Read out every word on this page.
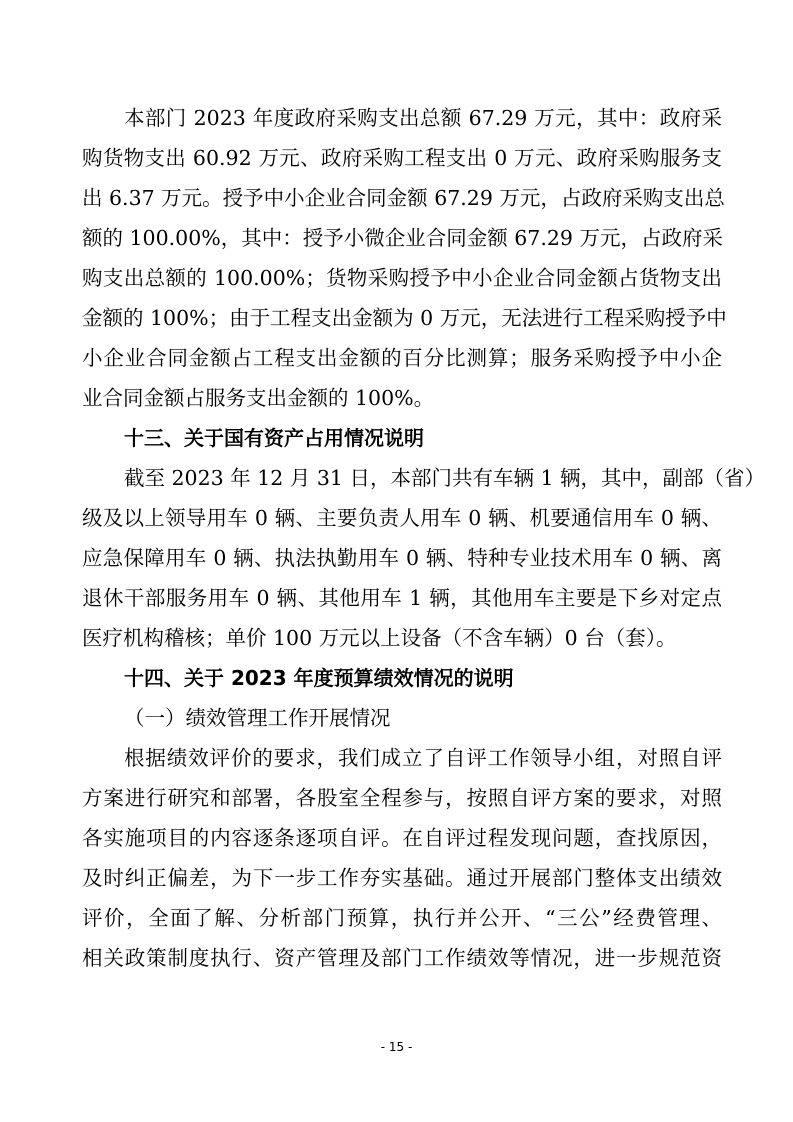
本部门 2023 年度政府采购支出总额 67.29 万元，其中：政府采
购货物支出 60.92 万元、政府采购工程支出 0 万元、政府采购服务支
出 6.37 万元。授予中小企业合同金额 67.29 万元，占政府采购支出总
额的 100.00%，其中：授予小微企业合同金额 67.29 万元，占政府采
购支出总额的 100.00%；货物采购授予中小企业合同金额占货物支出
金额的 100%；由于工程支出金额为 0 万元，无法进行工程采购授予中
小企业合同金额占工程支出金额的百分比测算；服务采购授予中小企
业合同金额占服务支出金额的 100%。
十三、关于国有资产占用情况说明
截至 2023 年 12 月 31 日，本部门共有车辆 1 辆，其中，副部（省）
级及以上领导用车 0 辆、主要负责人用车 0 辆、机要通信用车 0 辆、
应急保障用车 0 辆、执法执勤用车 0 辆、特种专业技术用车 0 辆、离
退休干部服务用车 0 辆、其他用车 1 辆，其他用车主要是下乡对定点
医疗机构稽核；单价 100 万元以上设备（不含车辆）0 台（套）。
十四、关于 2023 年度预算绩效情况的说明
（一）绩效管理工作开展情况
根据绩效评价的要求，我们成立了自评工作领导小组，对照自评
方案进行研究和部署，各股室全程参与，按照自评方案的要求，对照
各实施项目的内容逐条逐项自评。在自评过程发现问题，查找原因，
及时纠正偏差，为下一步工作夯实基础。通过开展部门整体支出绩效
评价，全面了解、分析部门预算，执行并公开、“三公”经费管理、
相关政策制度执行、资产管理及部门工作绩效等情况，进一步规范资
- 15 -
